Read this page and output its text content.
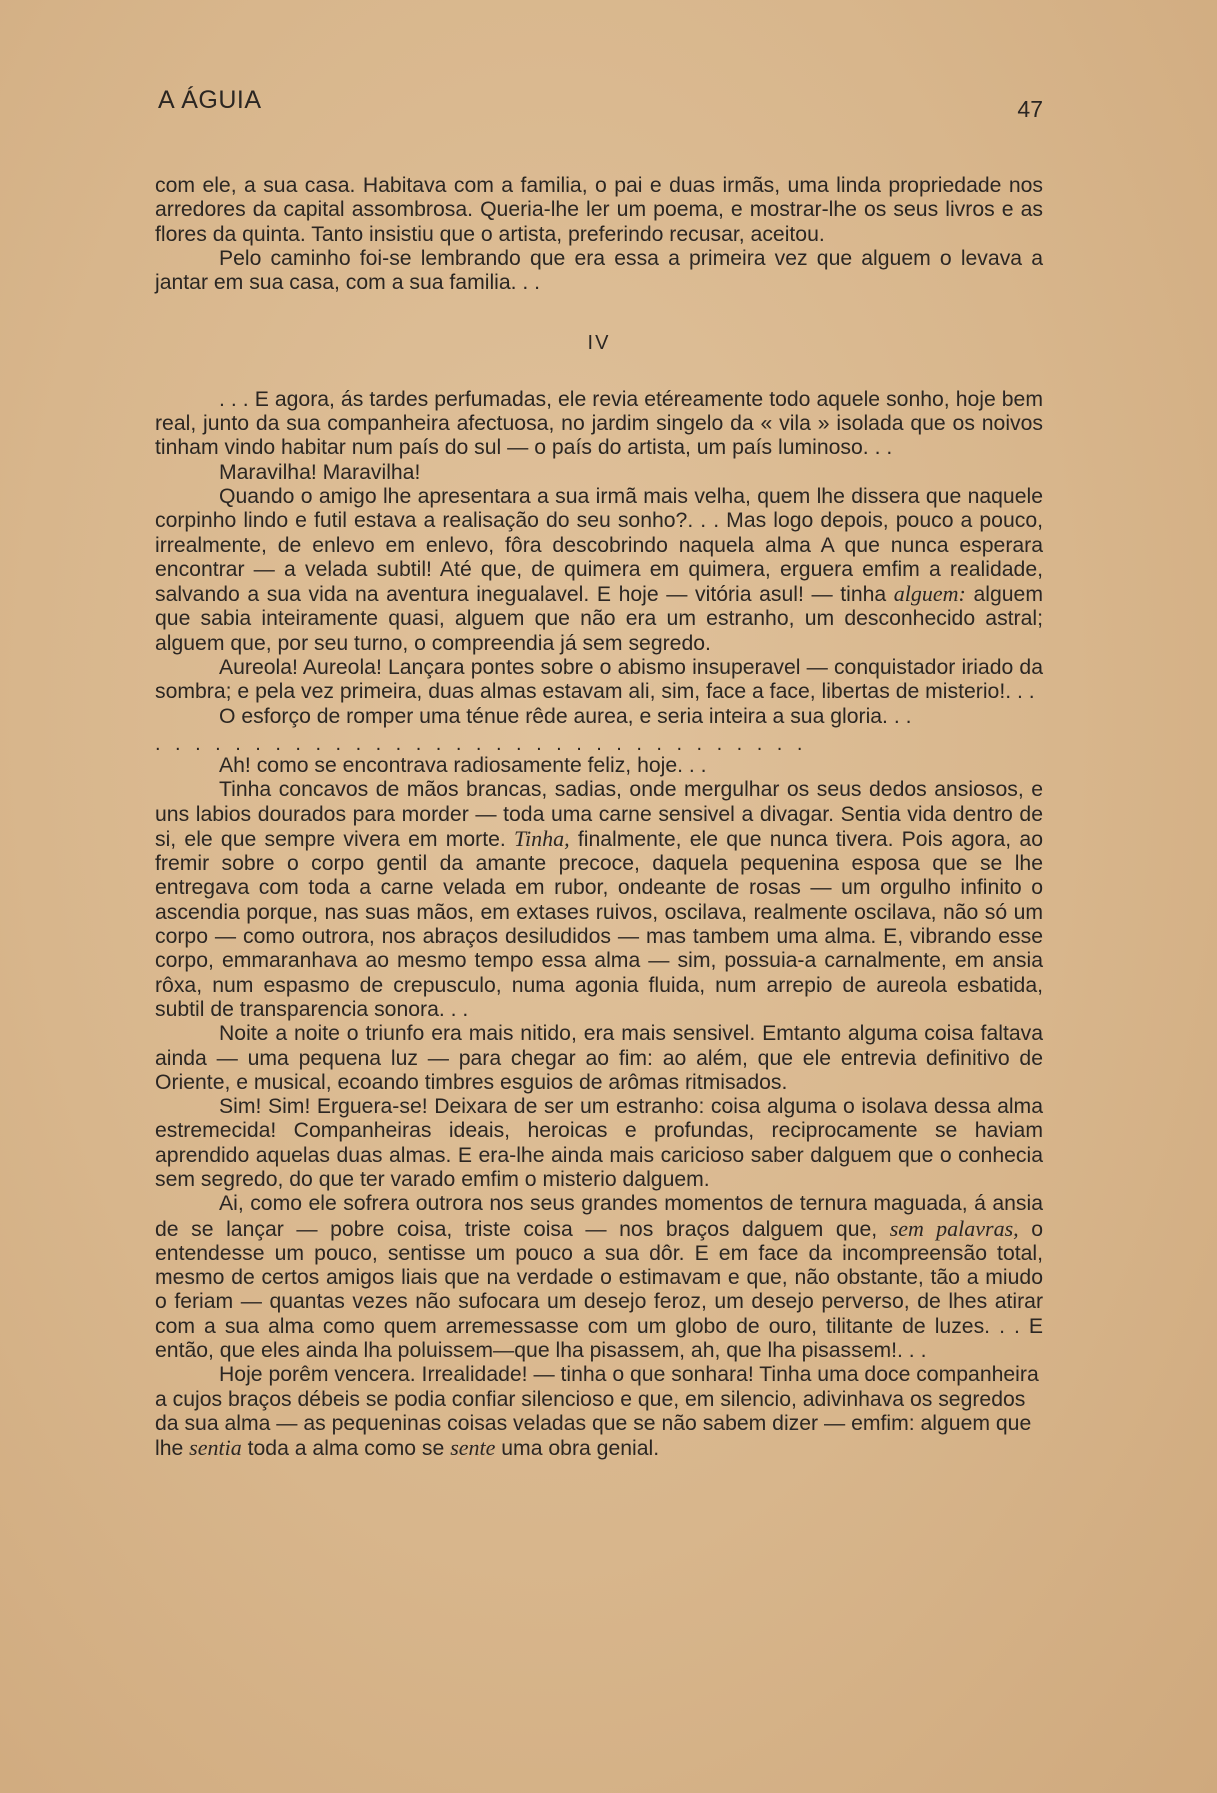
A ÁGUIA	47

com ele, a sua casa. Habitava com a familia, o pai e duas irmãs, uma linda propriedade nos arredores da capital assombrosa. Queria-lhe ler um poema, e mostrar-lhe os seus livros e as flores da quinta. Tanto insistiu que o artista, preferindo recusar, aceitou.

Pelo caminho foi-se lembrando que era essa a primeira vez que alguem o levava a jantar em sua casa, com a sua familia. . .

IV

. . . E agora, ás tardes perfumadas, ele revia etéreamente todo aquele sonho, hoje bem real, junto da sua companheira afectuosa, no jardim singelo da « vila » isolada que os noivos tinham vindo habitar num país do sul — o país do artista, um país luminoso. . .

Maravilha! Maravilha!

Quando o amigo lhe apresentara a sua irmã mais velha, quem lhe dissera que naquele corpinho lindo e futil estava a realisação do seu sonho?. . . Mas logo depois, pouco a pouco, irrealmente, de enlevo em enlevo, fôra descobrindo naquela alma A que nunca esperara encontrar — a velada subtil! Até que, de quimera em quimera, erguera emfim a realidade, salvando a sua vida na aventura inegualavel. E hoje — vitória asul! — tinha alguem: alguem que sabia inteiramente quasi, alguem que não era um estranho, um desconhecido astral; alguem que, por seu turno, o compreendia já sem segredo.

Aureola! Aureola! Lançara pontes sobre o abismo insuperavel — conquistador iriado da sombra; e pela vez primeira, duas almas estavam ali, sim, face a face, libertas de misterio!. . .

O esforço de romper uma ténue rêde aurea, e seria inteira a sua gloria. . .

.................................

Ah! como se encontrava radiosamente feliz, hoje. . .

Tinha concavos de mãos brancas, sadias, onde mergulhar os seus dedos ansiosos, e uns labios dourados para morder — toda uma carne sensivel a divagar. Sentia vida dentro de si, ele que sempre vivera em morte. Tinha, finalmente, ele que nunca tivera. Pois agora, ao fremir sobre o corpo gentil da amante precoce, daquela pequenina esposa que se lhe entregava com toda a carne velada em rubor, ondeante de rosas — um orgulho infinito o ascendia porque, nas suas mãos, em extases ruivos, oscilava, realmente oscilava, não só um corpo — como outrora, nos abraços desiludidos — mas tambem uma alma. E, vibrando esse corpo, emmaranhava ao mesmo tempo essa alma — sim, possuia-a carnalmente, em ansia rôxa, num espasmo de crepusculo, numa agonia fluida, num arrepio de aureola esbatida, subtil de transparencia sonora. . .

Noite a noite o triunfo era mais nitido, era mais sensivel. Emtanto alguma coisa faltava ainda — uma pequena luz — para chegar ao fim: ao além, que ele entrevia definitivo de Oriente, e musical, ecoando timbres esguios de arômas ritmisados.

Sim! Sim! Erguera-se! Deixara de ser um estranho: coisa alguma o isolava dessa alma estremecida! Companheiras ideais, heroicas e profundas, reciprocamente se haviam aprendido aquelas duas almas. E era-lhe ainda mais caricioso saber dalguem que o conhecia sem segredo, do que ter varado emfim o misterio dalguem.

Ai, como ele sofrera outrora nos seus grandes momentos de ternura maguada, á ansia de se lançar — pobre coisa, triste coisa — nos braços dalguem que, sem palavras, o entendesse um pouco, sentisse um pouco a sua dôr. E em face da incompreensão total, mesmo de certos amigos liais que na verdade o estimavam e que, não obstante, tão a miudo o feriam — quantas vezes não sufocara um desejo feroz, um desejo perverso, de lhes atirar com a sua alma como quem arremessasse com um globo de ouro, tilitante de luzes. . . E então, que eles ainda lha poluissem—que lha pisassem, ah, que lha pisassem!. . .

Hoje porêm vencera. Irrealidade! — tinha o que sonhara! Tinha uma doce companheira a cujos braços débeis se podia confiar silencioso e que, em silencio, adivinhava os segredos da sua alma — as pequeninas coisas veladas que se não sabem dizer — emfim: alguem que lhe sentia toda a alma como se sente uma obra genial.
